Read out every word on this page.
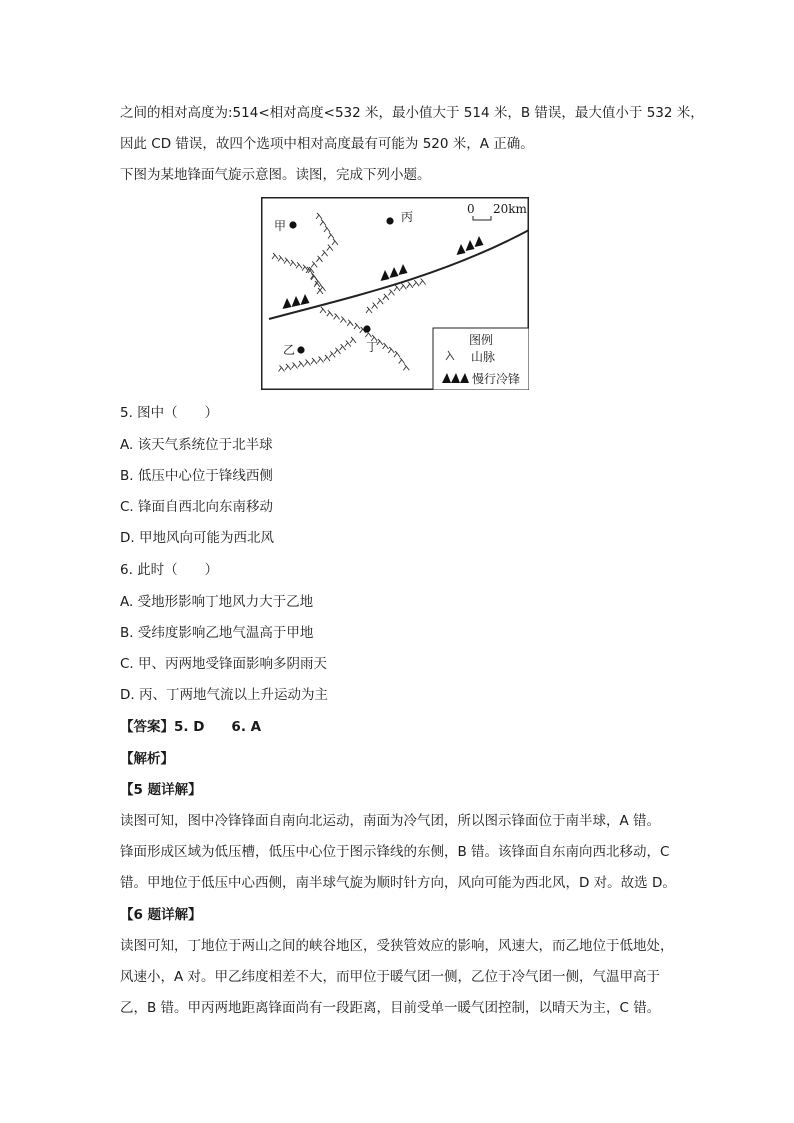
之间的相对高度为:514<相对高度<532 米，最小值大于 514 米，B 错误，最大值小于 532 米，
因此 CD 错误，故四个选项中相对高度最有可能为 520 米，A 正确。
下图为某地锋面气旋示意图。读图，完成下列小题。
甲
丙
乙	丁
0 20km
图例
山脉
慢行冷锋
5. 图中（　　）
A. 该天气系统位于北半球
B. 低压中心位于锋线西侧
C. 锋面自西北向东南移动
D. 甲地风向可能为西北风
6. 此时（　　）
A. 受地形影响丁地风力大于乙地
B. 受纬度影响乙地气温高于甲地
C. 甲、丙两地受锋面影响多阴雨天
D. 丙、丁两地气流以上升运动为主
【答案】5. D　　6. A
【解析】
【5 题详解】
读图可知，图中冷锋锋面自南向北运动，南面为冷气团，所以图示锋面位于南半球，A 错。
锋面形成区域为低压槽，低压中心位于图示锋线的东侧，B 错。该锋面自东南向西北移动，C
错。甲地位于低压中心西侧，南半球气旋为顺时针方向，风向可能为西北风，D 对。故选 D。
【6 题详解】
读图可知，丁地位于两山之间的峡谷地区，受狭管效应的影响，风速大，而乙地位于低地处，
风速小，A 对。甲乙纬度相差不大，而甲位于暖气团一侧，乙位于冷气团一侧，气温甲高于
乙，B 错。甲丙两地距离锋面尚有一段距离，目前受单一暖气团控制，以晴天为主，C 错。
